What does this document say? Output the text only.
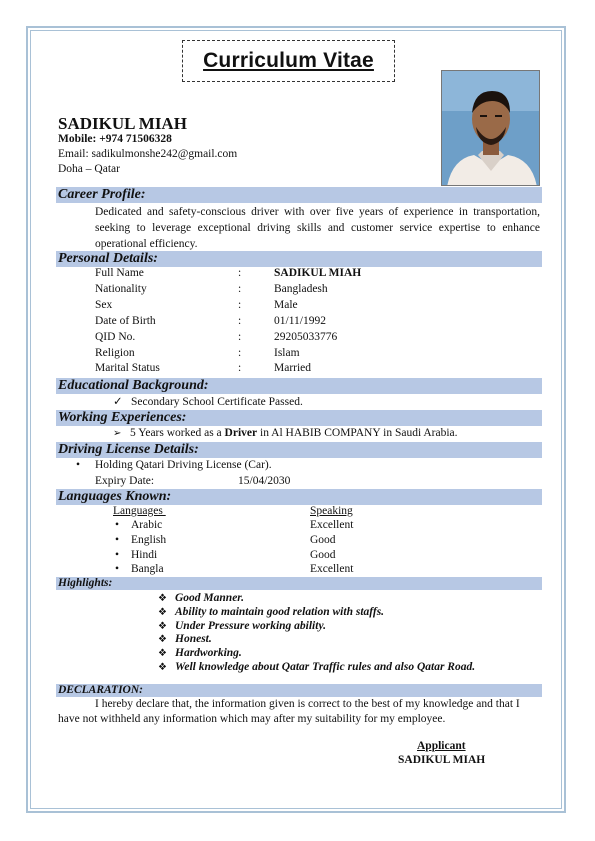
Curriculum Vitae
SADIKUL MIAH
Mobile: +974 71506328
Email: sadikulmonshe242@gmail.com
Doha – Qatar
Career Profile:
Dedicated and safety-conscious driver with over five years of experience in transportation, seeking to leverage exceptional driving skills and customer service expertise to enhance operational efficiency.
Personal Details:
Full Name	:	SADIKUL MIAH
Nationality	:	Bangladesh
Sex	:	Male
Date of Birth	:	01/11/1992
QID No.	:	29205033776
Religion	:	Islam
Marital Status	:	Married
Educational Background:
✓ Secondary School Certificate Passed.
Working Experiences:
➢ 5 Years worked as a Driver in Al HABIB COMPANY in Saudi Arabia.
Driving License Details:
• Holding Qatari Driving License (Car).
Expiry Date:	15/04/2030
Languages Known:
Languages	Speaking
• Arabic	Excellent
• English	Good
• Hindi	Good
• Bangla	Excellent
Highlights:
❖ Good Manner.
❖ Ability to maintain good relation with staffs.
❖ Under Pressure working ability.
❖ Honest.
❖ Hardworking.
❖ Well knowledge about Qatar Traffic rules and also Qatar Road.
DECLARATION:
I hereby declare that, the information given is correct to the best of my knowledge and that I
have not withheld any information which may after my suitability for my employee.
Applicant
SADIKUL MIAH
